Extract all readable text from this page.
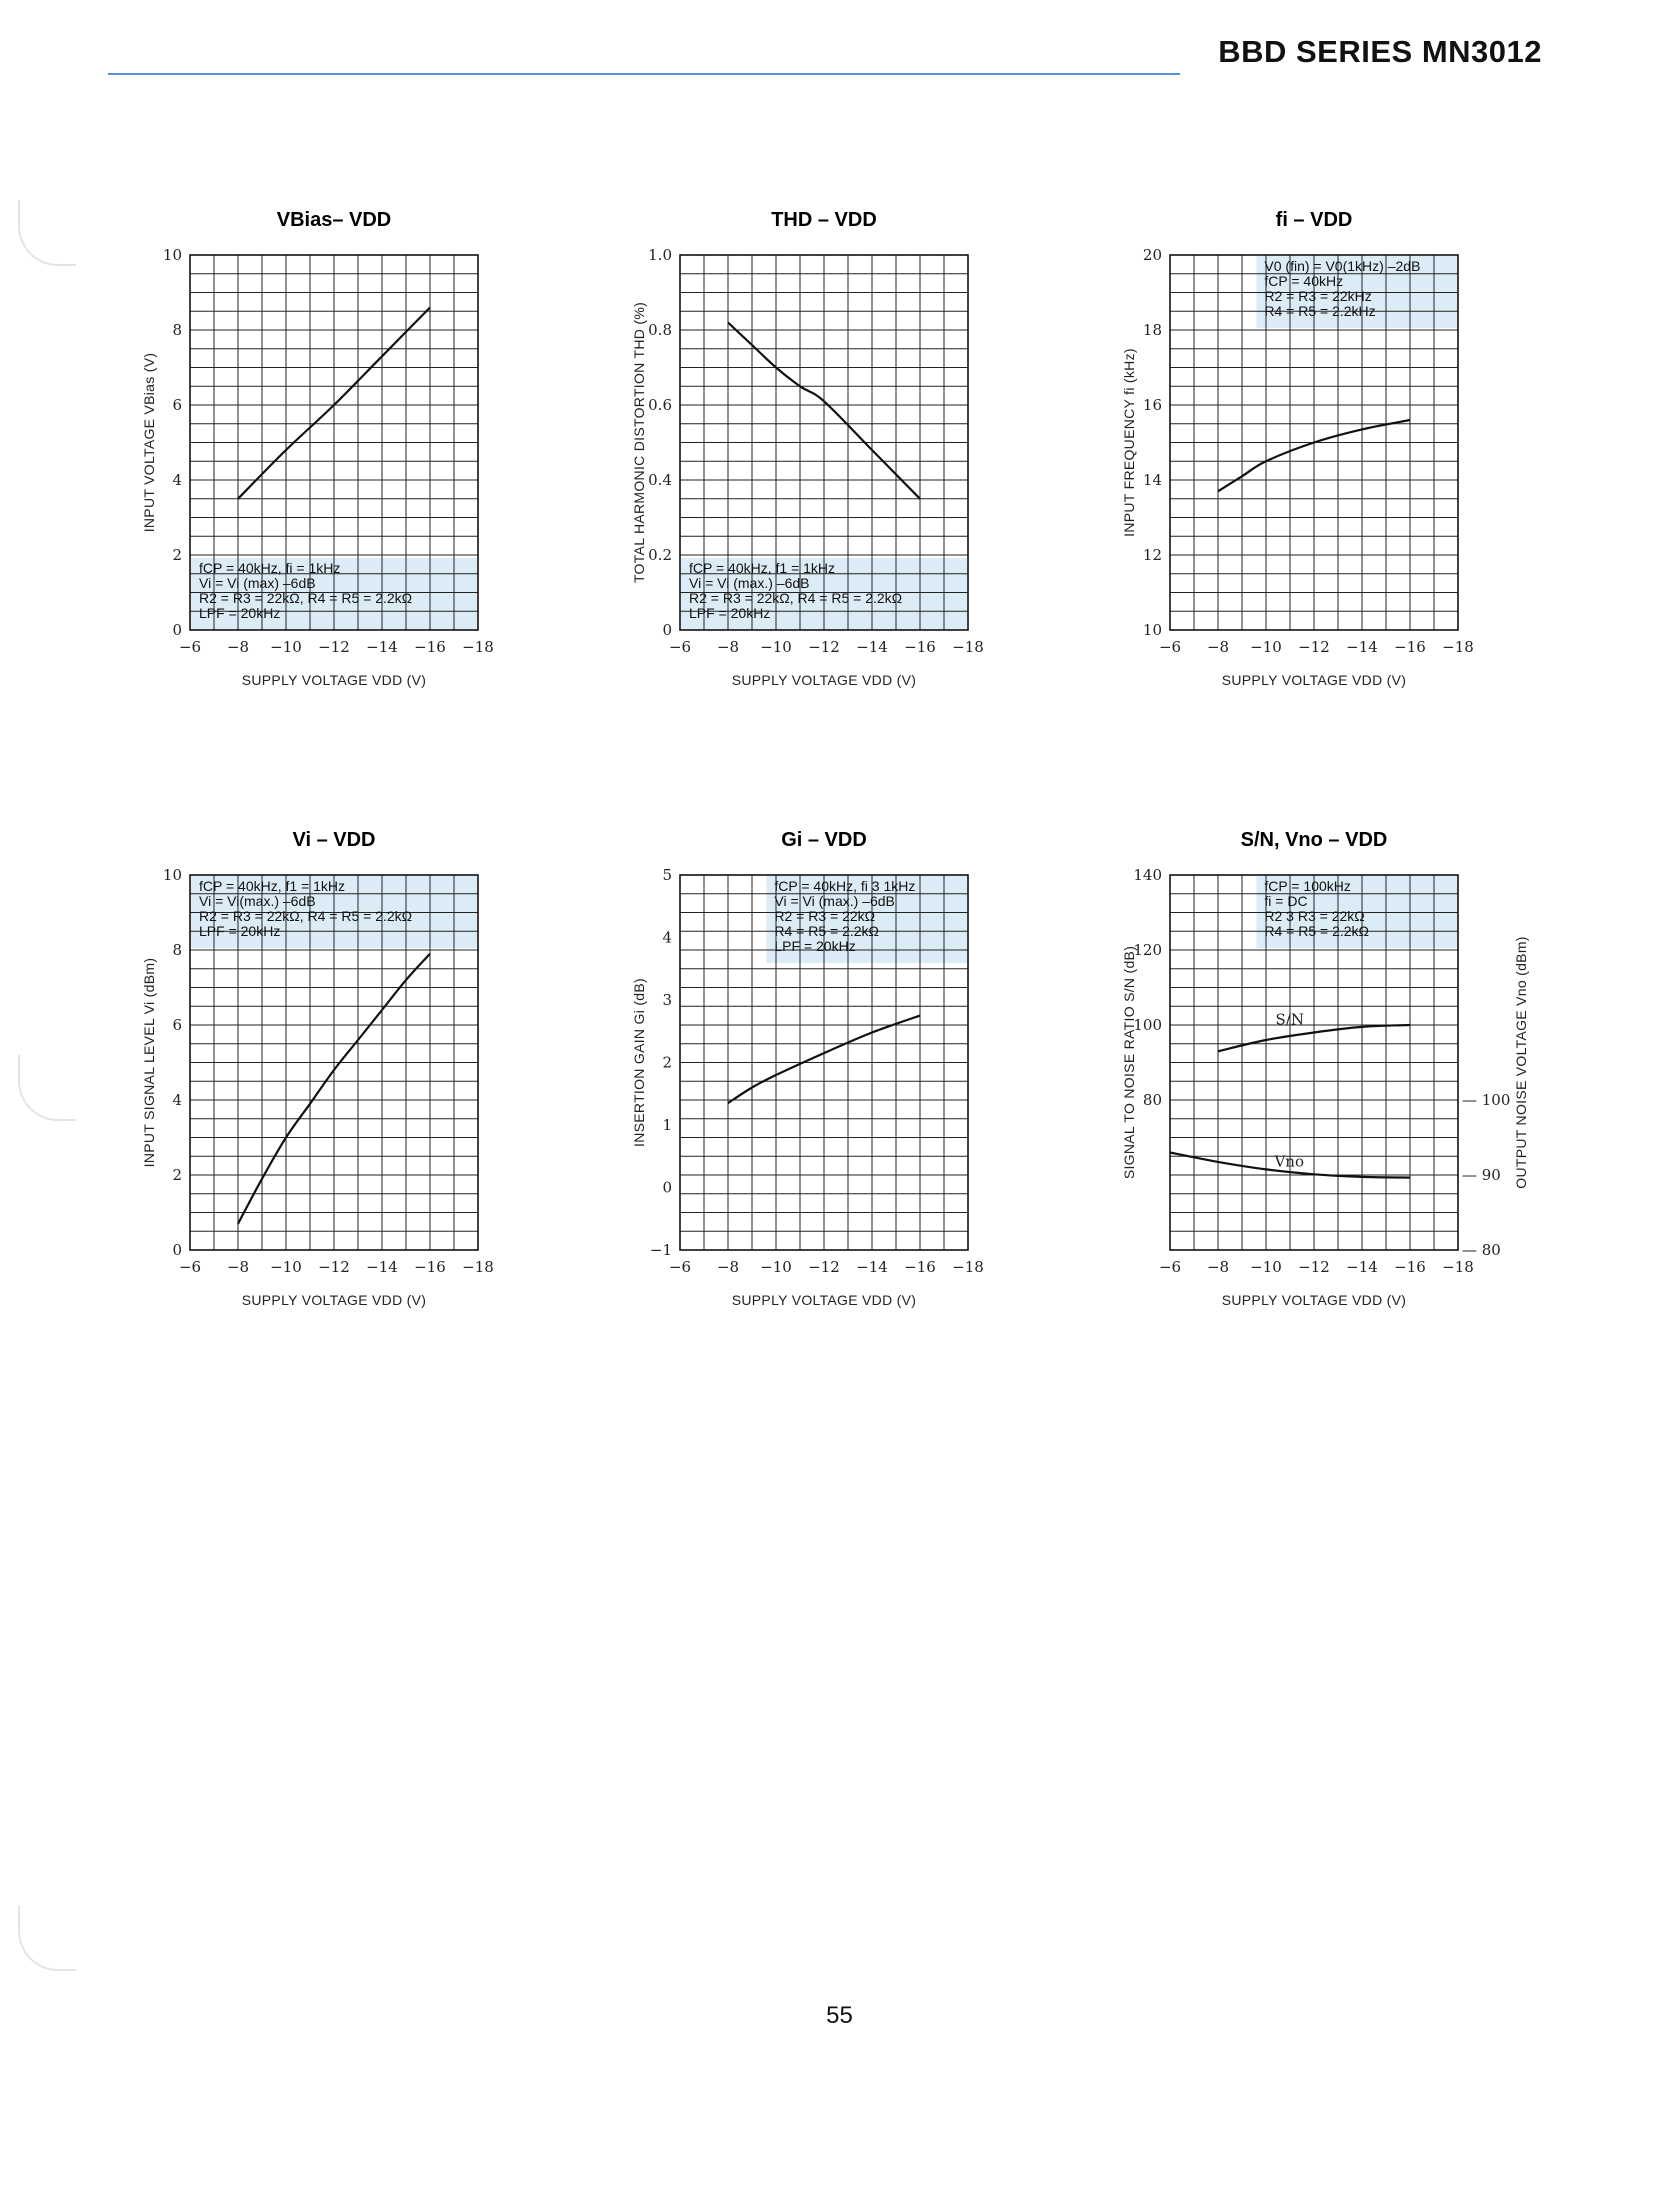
BBD SERIES MN3012
VBias– VDD
fCP = 40kHz, fi = 1kHz
Vi = Vi (max) –6dB
R2 = R3 = 22kΩ, R4 = R5 = 2.2kΩ
LPF = 20kHz
−6 −8 −10 −12 −14 −16 −18
0
2
4
6
8
10
SUPPLY VOLTAGE VDD (V)
INPUT VOLTAGE VBias (V)
THD – VDD
fCP = 40kHz, f1 = 1kHz
Vi = Vi (max.) –6dB
R2 = R3 = 22kΩ, R4 = R5 = 2.2kΩ
LPF = 20kHz
−6 −8 −10 −12 −14 −16 −18
0
0.2
0.4
0.6
0.8
1.0
SUPPLY VOLTAGE VDD (V)
TOTAL HARMONIC DISTORTION THD (%)
fi – VDD
V0 (fin) = V0(1kHz) –2dB
fCP = 40kHz
R2 = R3 = 22kHz
R4 = R5 = 2.2kHz
−6 −8 −10 −12 −14 −16 −18
10
12
14
16
18
20
SUPPLY VOLTAGE VDD (V)
INPUT FREQUENCY fi (kHz)
Vi – VDD
fCP = 40kHz, f1 = 1kHz
Vi = Vi(max.) –6dB
R2 = R3 = 22kΩ, R4 = R5 = 2.2kΩ
LPF = 20kHz
−6 −8 −10 −12 −14 −16 −18
0
2
4
6
8
10
SUPPLY VOLTAGE VDD (V)
INPUT SIGNAL LEVEL Vi (dBm)
Gi – VDD
fCP = 40kHz, fi 3 1kHz
Vi = Vi (max.) –6dB
R2 = R3 = 22kΩ
R4 = R5 = 2.2kΩ
LPF = 20kHz
−6 −8 −10 −12 −14 −16 −18
−1
0
1
2
3
4
5
SUPPLY VOLTAGE VDD (V)
INSERTION GAIN Gi (dB)
S/N, Vno – VDD
fCP = 100kHz
fi = DC
R2 3 R3 = 22kΩ
R4 = R5 = 2.2kΩ
−6 −8 −10 −12 −14 −16 −18
80
100
120
140
— 80
— 90
— 100
SUPPLY VOLTAGE VDD (V)
SIGNAL TO NOISE RATIO S/N (dB)	OUTPUT NOISE VOLTAGE Vno (dBm)
S/N
Vno
55
